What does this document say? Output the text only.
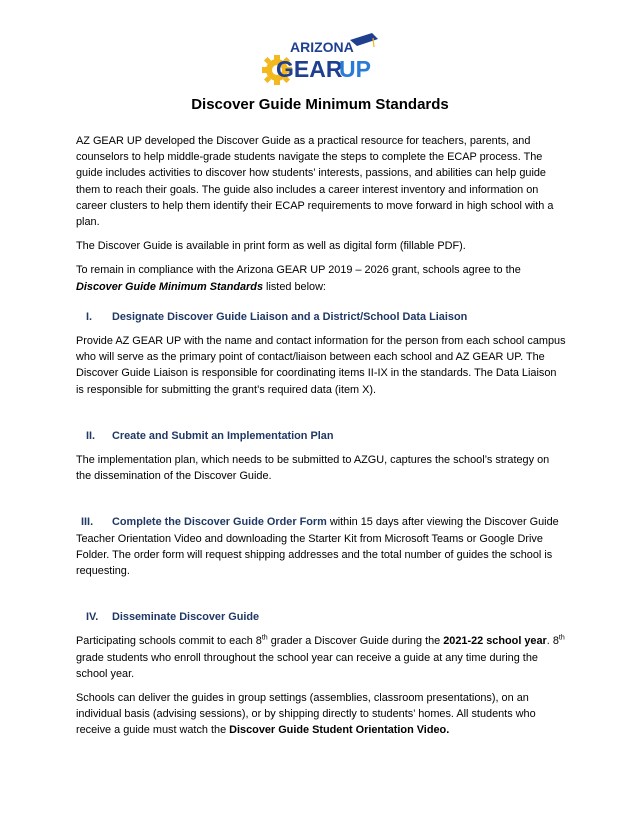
ARIZONA
GEAR
UP
Discover Guide Minimum Standards

AZ GEAR UP developed the Discover Guide as a practical resource for teachers, parents, and counselors to help middle-grade students navigate the steps to complete the ECAP process. The guide includes activities to discover how students’ interests, passions, and abilities can help guide them to reach their goals. The guide also includes a career interest inventory and information on career clusters to help them identify their ECAP requirements to move forward in high school with a plan.

The Discover Guide is available in print form as well as digital form (fillable PDF).

To remain in compliance with the Arizona GEAR UP 2019 – 2026 grant, schools agree to the Discover Guide Minimum Standards listed below:

I.	Designate Discover Guide Liaison and a District/School Data Liaison

Provide AZ GEAR UP with the name and contact information for the person from each school campus who will serve as the primary point of contact/liaison between each school and AZ GEAR UP. The Discover Guide Liaison is responsible for coordinating items II-IX in the standards. The Data Liaison is responsible for submitting the grant’s required data (item X).

II.	Create and Submit an Implementation Plan

The implementation plan, which needs to be submitted to AZGU, captures the school’s strategy on the dissemination of the Discover Guide.

III. Complete the Discover Guide Order Form within 15 days after viewing the Discover Guide Teacher Orientation Video and downloading the Starter Kit from Microsoft Teams or Google Drive Folder. The order form will request shipping addresses and the total number of guides the school is requesting.

IV.	Disseminate Discover Guide

Participating schools commit to each 8th grader a Discover Guide during the 2021-22 school year. 8th grade students who enroll throughout the school year can receive a guide at any time during the school year.

Schools can deliver the guides in group settings (assemblies, classroom presentations), on an individual basis (advising sessions), or by shipping directly to students’ homes. All students who receive a guide must watch the Discover Guide Student Orientation Video.
